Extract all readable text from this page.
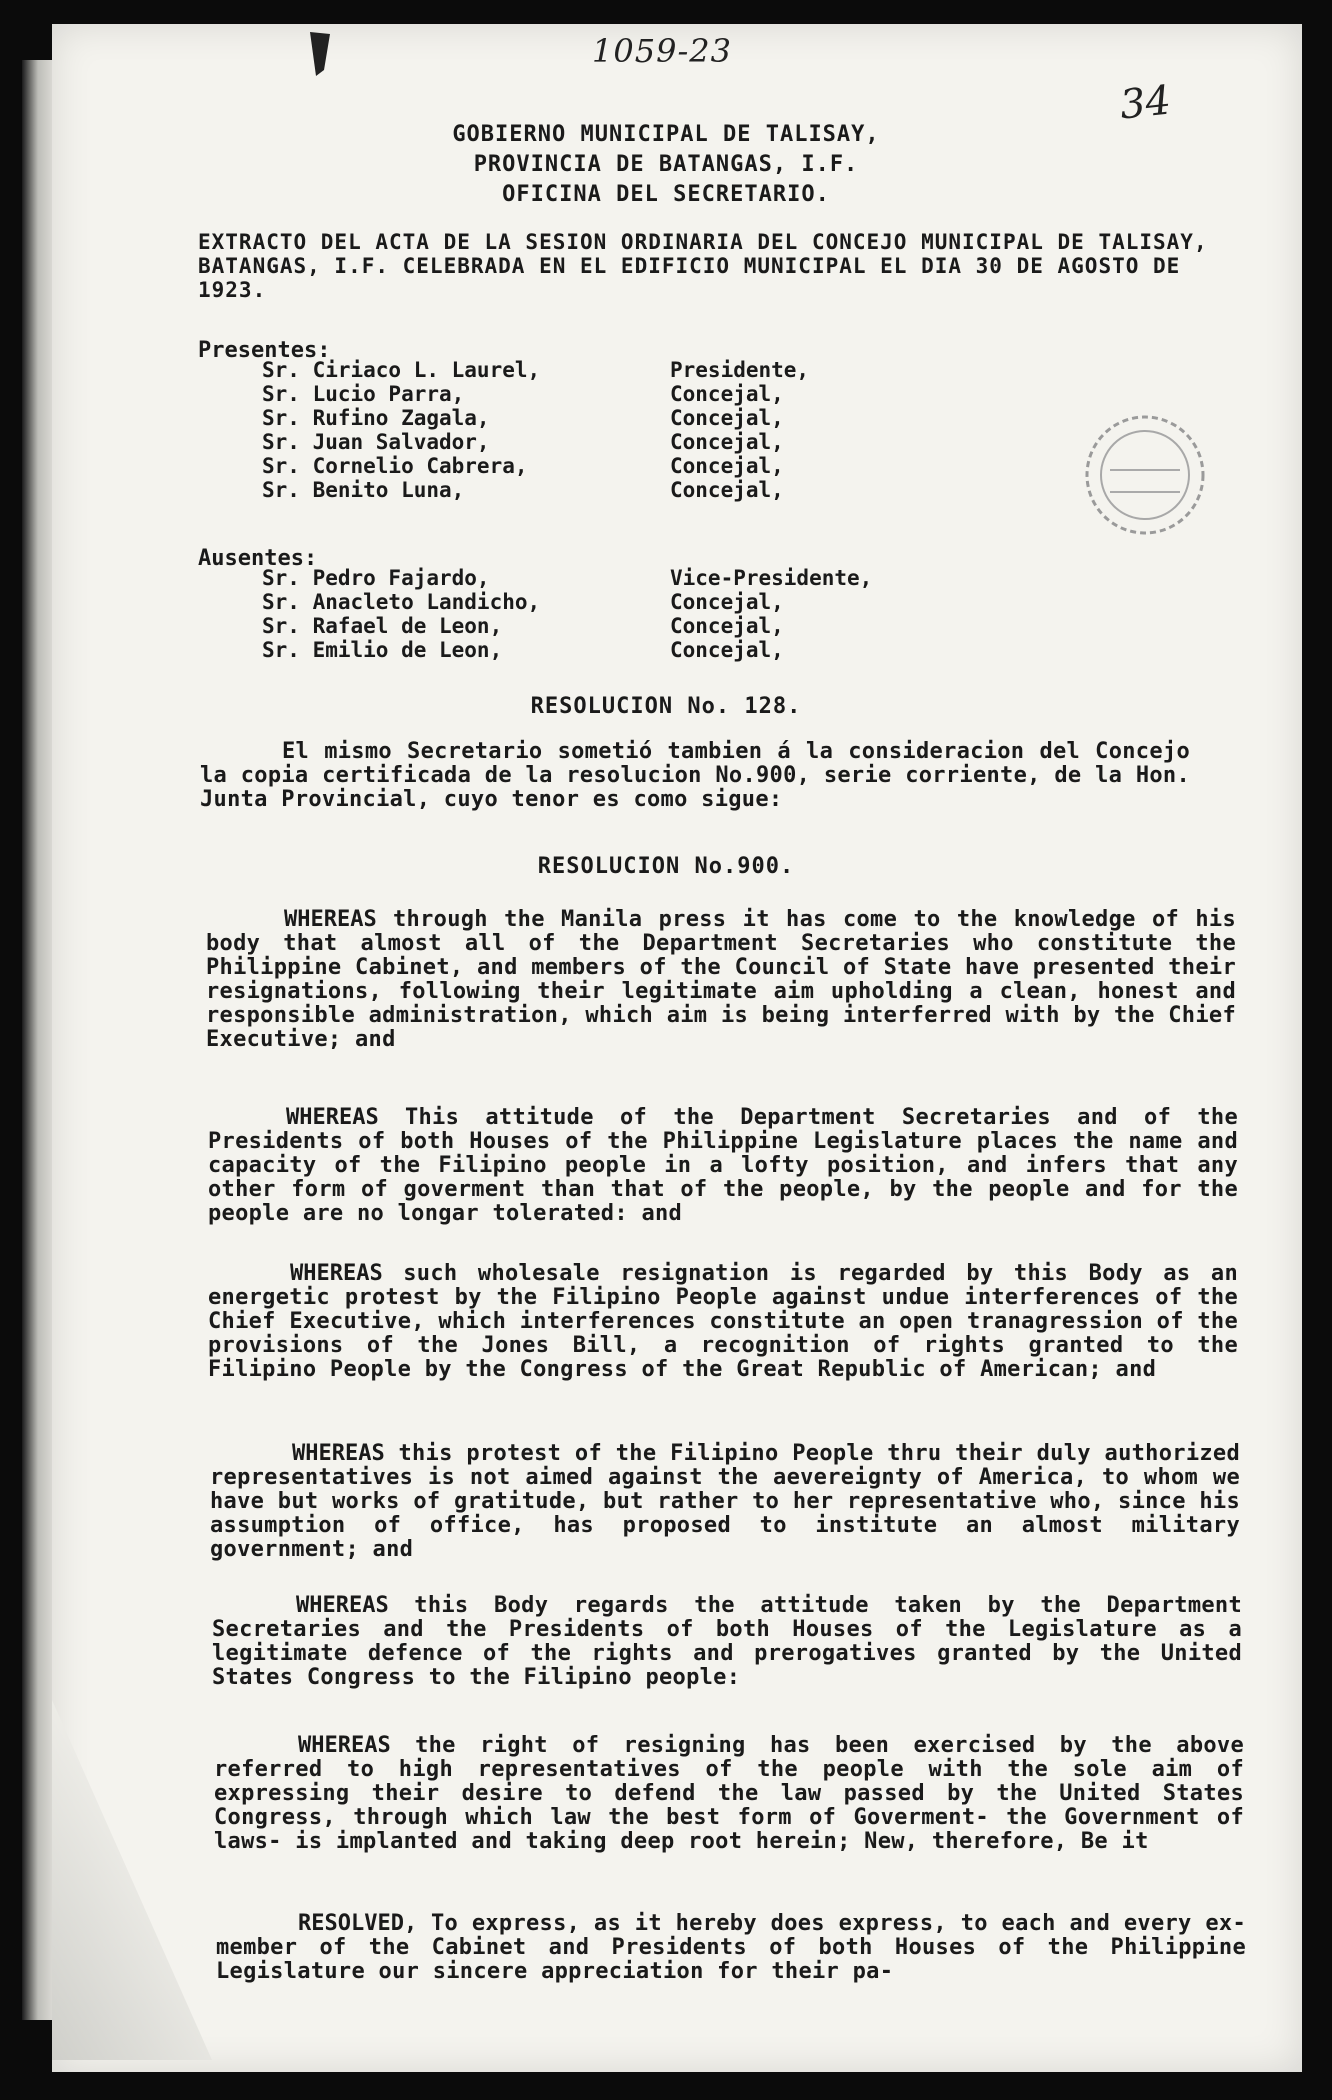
1059-23
34
GOBIERNO MUNICIPAL DE TALISAY,
PROVINCIA DE BATANGAS, I.F.
OFICINA DEL SECRETARIO.
EXTRACTO DEL ACTA DE LA SESION ORDINARIA DEL CONCEJO MUNICIPAL DE TALISAY, BATANGAS, I.F. CELEBRADA EN EL EDIFICIO MUNICIPAL EL DIA 30 DE AGOSTO DE 1923.
Presentes:
Sr. Ciriaco L. Laurel,	Presidente,
Sr. Lucio Parra,	Concejal,
Sr. Rufino Zagala,	Concejal,
Sr. Juan Salvador,	Concejal,
Sr. Cornelio Cabrera,	Concejal,
Sr. Benito Luna,	Concejal,
Ausentes:
Sr. Pedro Fajardo,	Vice-Presidente,
Sr. Anacleto Landicho,	Concejal,
Sr. Rafael de Leon,	Concejal,
Sr. Emilio de Leon,	Concejal,
RESOLUCION No. 128.
El mismo Secretario sometió tambien á la consideracion del Concejo la copia certificada de la resolucion No.900, serie corriente, de la Hon. Junta Provincial, cuyo tenor es como sigue:
RESOLUCION No.900.
WHEREAS through the Manila press it has come to the knowledge of his body that almost all of the Department Secretaries who constitute the Philippine Cabinet, and members of the Council of State have presented their resignations, following their legitimate aim upholding a clean, honest and responsible administration, which aim is being interferred with by the Chief Executive; and
WHEREAS This attitude of the Department Secretaries and of the Presidents of both Houses of the Philippine Legislature places the name and capacity of the Filipino people in a lofty position, and infers that any other form of goverment than that of the people, by the people and for the people are no longar tolerated: and
WHEREAS such wholesale resignation is regarded by this Body as an energetic protest by the Filipino People against undue interferences of the Chief Executive, which interferences constitute an open tranagression of the provisions of the Jones Bill, a recognition of rights granted to the Filipino People by the Congress of the Great Republic of American; and
WHEREAS this protest of the Filipino People thru their duly authorized representatives is not aimed against the aevereignty of America, to whom we have but works of gratitude, but rather to her representative who, since his assumption of office, has proposed to institute an almost military government; and
WHEREAS this Body regards the attitude taken by the Department Secretaries and the Presidents of both Houses of the Legislature as a legitimate defence of the rights and prerogatives granted by the United States Congress to the Filipino people:
WHEREAS the right of resigning has been exercised by the above referred to high representatives of the people with the sole aim of expressing their desire to defend the law passed by the United States Congress, through which law the best form of Goverment- the Government of laws- is implanted and taking deep root herein; New, therefore, Be it
RESOLVED, To express, as it hereby does express, to each and every ex-member of the Cabinet and Presidents of both Houses of the Philippine Legislature our sincere appreciation for their pa-
